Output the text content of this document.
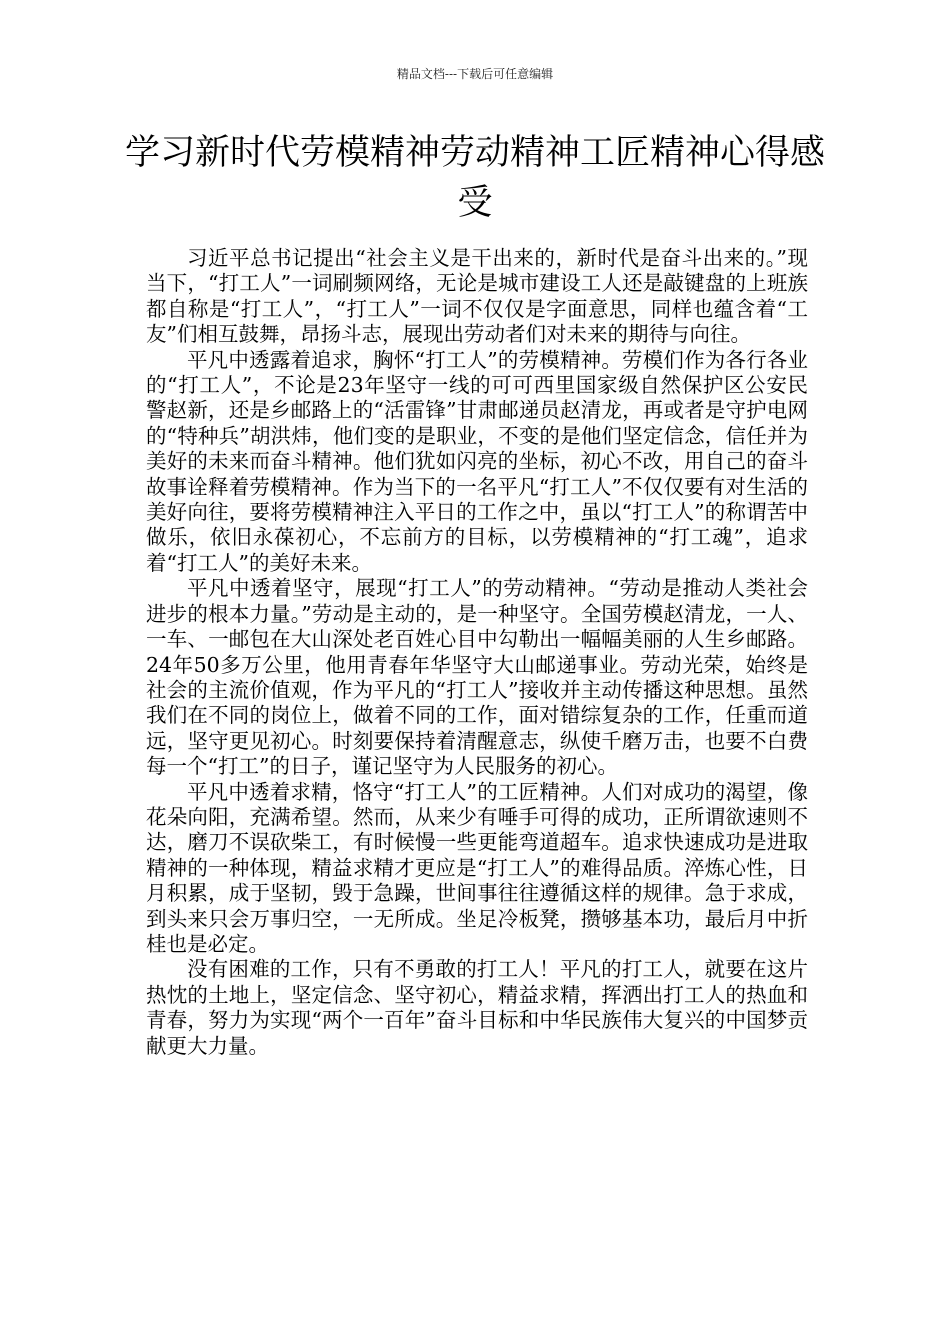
精品文档---下载后可任意编辑
学习新时代劳模精神劳动精神工匠精神心得感受

习近平总书记提出“社会主义是干出来的，新时代是奋斗出来的。”现当下，“打工人”一词刷频网络，无论是城市建设工人还是敲键盘的上班族都自称是“打工人”，“打工人”一词不仅仅是字面意思，同样也蕴含着“工友”们相互鼓舞，昂扬斗志，展现出劳动者们对未来的期待与向往。

平凡中透露着追求，胸怀“打工人”的劳模精神。劳模们作为各行各业的“打工人”，不论是23年坚守一线的可可西里国家级自然保护区公安民警赵新，还是乡邮路上的“活雷锋”甘肃邮递员赵清龙，再或者是守护电网的“特种兵”胡洪炜，他们变的是职业，不变的是他们坚定信念，信任并为美好的未来而奋斗精神。他们犹如闪亮的坐标，初心不改，用自己的奋斗故事诠释着劳模精神。作为当下的一名平凡“打工人”不仅仅要有对生活的美好向往，要将劳模精神注入平日的工作之中，虽以“打工人”的称谓苦中做乐，依旧永葆初心，不忘前方的目标，以劳模精神的“打工魂”，追求着“打工人”的美好未来。

平凡中透着坚守，展现“打工人”的劳动精神。“劳动是推动人类社会进步的根本力量。”劳动是主动的，是一种坚守。全国劳模赵清龙，一人、一车、一邮包在大山深处老百姓心目中勾勒出一幅幅美丽的人生乡邮路。24年50多万公里，他用青春年华坚守大山邮递事业。劳动光荣，始终是社会的主流价值观，作为平凡的“打工人”接收并主动传播这种思想。虽然我们在不同的岗位上，做着不同的工作，面对错综复杂的工作，任重而道远，坚守更见初心。时刻要保持着清醒意志，纵使千磨万击，也要不白费每一个“打工”的日子，谨记坚守为人民服务的初心。

平凡中透着求精，恪守“打工人”的工匠精神。人们对成功的渴望，像花朵向阳，充满希望。然而，从来少有唾手可得的成功，正所谓欲速则不达，磨刀不误砍柴工，有时候慢一些更能弯道超车。追求快速成功是进取精神的一种体现，精益求精才更应是“打工人”的难得品质。淬炼心性，日月积累，成于坚韧，毁于急躁，世间事往往遵循这样的规律。急于求成，到头来只会万事归空，一无所成。坐足冷板凳，攒够基本功，最后月中折桂也是必定。

没有困难的工作，只有不勇敢的打工人！平凡的打工人，就要在这片热忱的土地上，坚定信念、坚守初心，精益求精，挥洒出打工人的热血和青春，努力为实现“两个一百年”奋斗目标和中华民族伟大复兴的中国梦贡献更大力量。
